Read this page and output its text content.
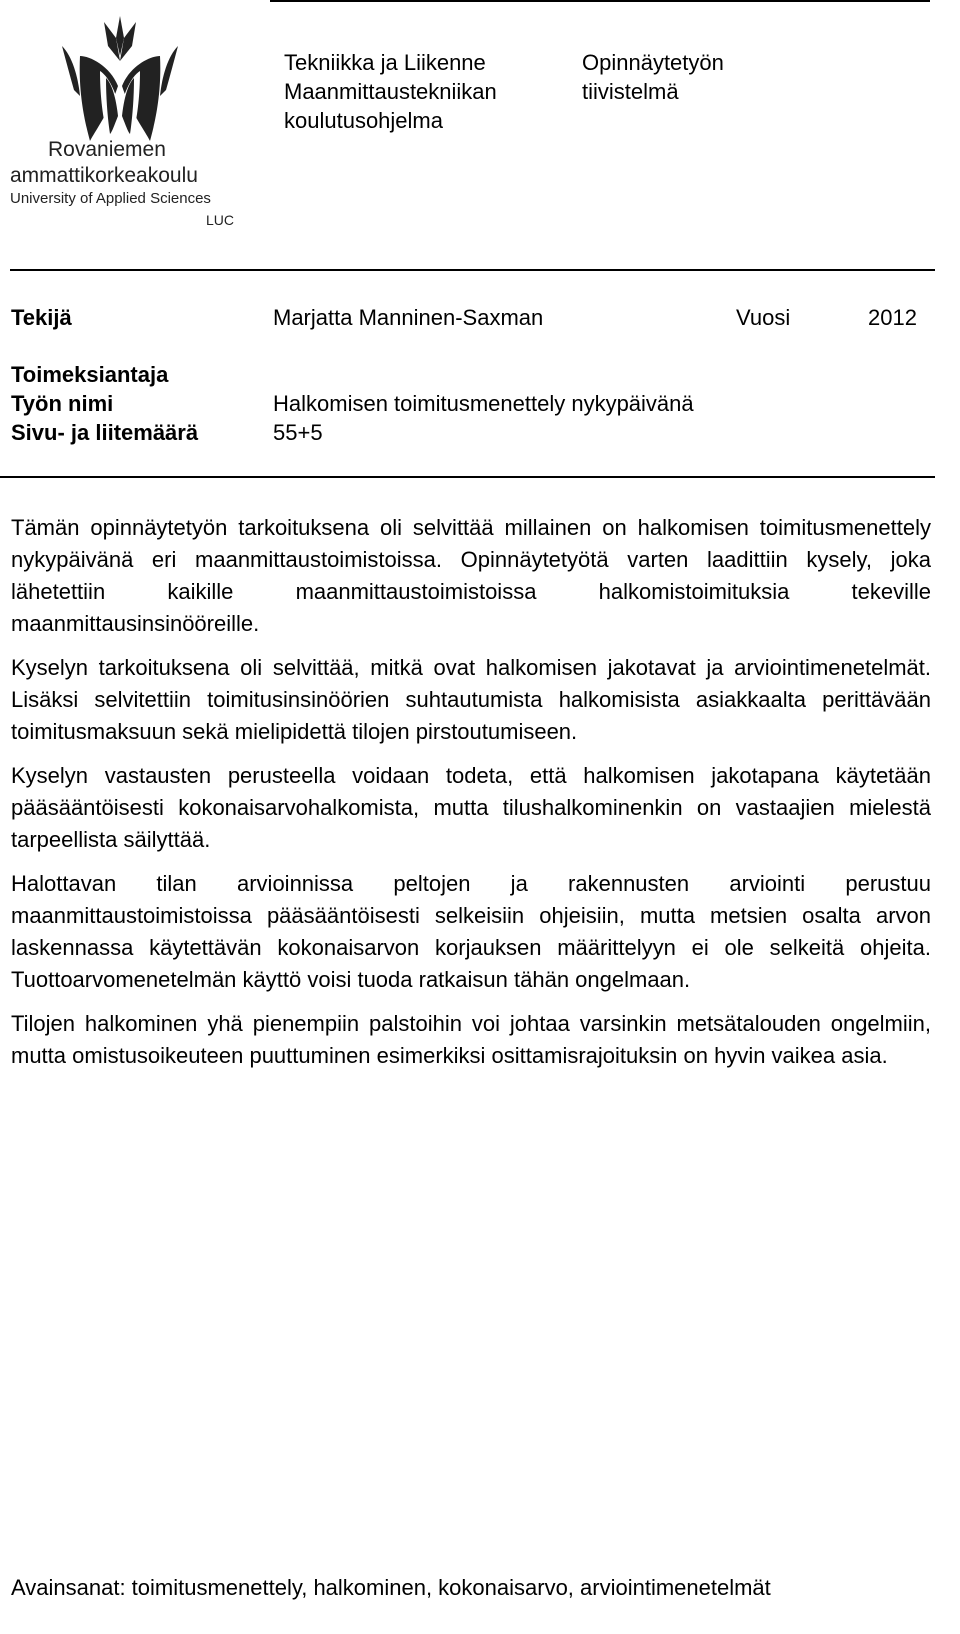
Rovaniemen
ammattikorkeakoulu
University of Applied Sciences
LUC
Tekniikka ja Liikenne
Maanmittaustekniikan
koulutusohjelma
Opinnäytetyön
tiivistelmä
Tekijä	Marjatta Manninen-Saxman	Vuosi	2012
Toimeksiantaja
Työn nimi	Halkomisen toimitusmenettely nykypäivänä
Sivu- ja liitemäärä	55+5

Tämän opinnäytetyön tarkoituksena oli selvittää millainen on halkomisen toimitusmenettely nykypäivänä eri maanmittaustoimistoissa. Opinnäytetyötä varten laadittiin kysely, joka lähetettiin kaikille maanmittaustoimistoissa halkomistoimituksia tekeville maanmittausinsinööreille.

Kyselyn tarkoituksena oli selvittää, mitkä ovat halkomisen jakotavat ja arviointimenetelmät. Lisäksi selvitettiin toimitusinsinöörien suhtautumista halkomisista asiakkaalta perittävään toimitusmaksuun sekä mielipidettä tilojen pirstoutumiseen.

Kyselyn vastausten perusteella voidaan todeta, että halkomisen jakotapana käytetään pääsääntöisesti kokonaisarvohalkomista, mutta tilushalkominenkin on vastaajien mielestä tarpeellista säilyttää.

Halottavan tilan arvioinnissa peltojen ja rakennusten arviointi perustuu maanmittaustoimistoissa pääsääntöisesti selkeisiin ohjeisiin, mutta metsien osalta arvon laskennassa käytettävän kokonaisarvon korjauksen määrittelyyn ei ole selkeitä ohjeita. Tuottoarvomenetelmän käyttö voisi tuoda ratkaisun tähän ongelmaan.

Tilojen halkominen yhä pienempiin palstoihin voi johtaa varsinkin metsätalouden ongelmiin, mutta omistusoikeuteen puuttuminen esimerkiksi osittamisrajoituksin on hyvin vaikea asia.

Avainsanat: toimitusmenettely, halkominen, kokonaisarvo, arviointimenetelmät
